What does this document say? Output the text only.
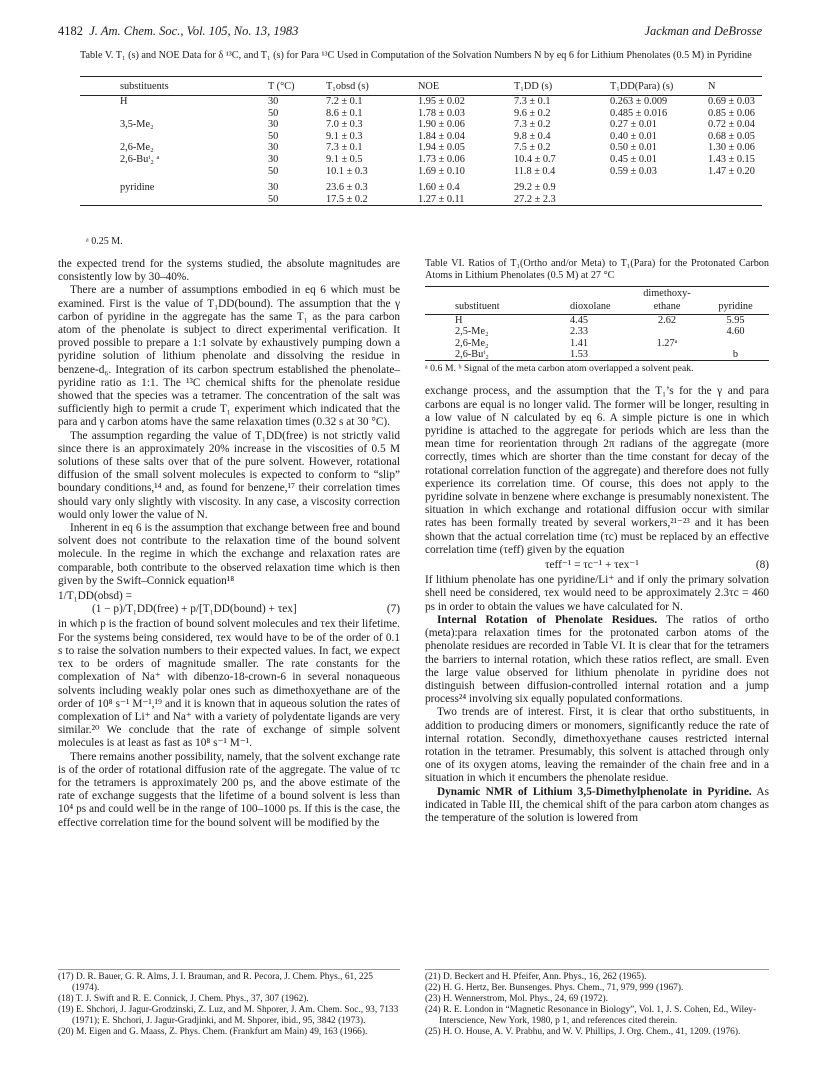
4182 J. Am. Chem. Soc., Vol. 105, No. 13, 1983	Jackman and DeBrosse
Table V. T₁ (s) and NOE Data for δ ¹³C, and T₁ (s) for Para ¹³C Used in Computation of the Solvation Numbers N by eq 6 for Lithium Phenolates (0.5 M) in Pyridine
substituents	T (°C)	T₁obsd (s)	NOE	T₁DD (s)	T₁DD(Para) (s)	N
H	30	7.2 ± 0.1	1.95 ± 0.02	7.3 ± 0.1	0.263 ± 0.009	0.69 ± 0.03
	50	8.6 ± 0.1	1.78 ± 0.03	9.6 ± 0.2	0.485 ± 0.016	0.85 ± 0.06
3,5-Me₂	30	7.0 ± 0.3	1.90 ± 0.06	7.3 ± 0.2	0.27 ± 0.01	0.72 ± 0.04
	50	9.1 ± 0.3	1.84 ± 0.04	9.8 ± 0.4	0.40 ± 0.01	0.68 ± 0.05
2,6-Me₂	30	7.3 ± 0.1	1.94 ± 0.05	7.5 ± 0.2	0.50 ± 0.01	1.30 ± 0.06
2,6-Buᵗ₂ ᵃ	30	9.1 ± 0.5	1.73 ± 0.06	10.4 ± 0.7	0.45 ± 0.01	1.43 ± 0.15
	50	10.1 ± 0.3	1.69 ± 0.10	11.8 ± 0.4	0.59 ± 0.03	1.47 ± 0.20

pyridine	30	23.6 ± 0.3	1.60 ± 0.4	29.2 ± 0.9		
	50	17.5 ± 0.2	1.27 ± 0.11	27.2 ± 2.3		
ᵃ 0.25 M.

the expected trend for the systems studied, the absolute magnitudes are consistently low by 30–40%.

There are a number of assumptions embodied in eq 6 which must be examined. First is the value of T₁DD(bound). The assumption that the γ carbon of pyridine in the aggregate has the same T₁ as the para carbon atom of the phenolate is subject to direct experimental verification. It proved possible to prepare a 1:1 solvate by exhaustively pumping down a pyridine solution of lithium phenolate and dissolving the residue in benzene-d₆. Integration of its carbon spectrum established the phenolate–pyridine ratio as 1:1. The ¹³C chemical shifts for the phenolate residue showed that the species was a tetramer. The concentration of the salt was sufficiently high to permit a crude T₁ experiment which indicated that the para and γ carbon atoms have the same relaxation times (0.32 s at 30 °C).

The assumption regarding the value of T₁DD(free) is not strictly valid since there is an approximately 20% increase in the viscosities of 0.5 M solutions of these salts over that of the pure solvent. However, rotational diffusion of the small solvent molecules is expected to conform to “slip” boundary conditions,¹⁴ and, as found for benzene,¹⁷ their correlation times should vary only slightly with viscosity. In any case, a viscosity correction would only lower the value of N.

Inherent in eq 6 is the assumption that exchange between free and bound solvent does not contribute to the relaxation time of the bound solvent molecule. In the regime in which the exchange and relaxation rates are comparable, both contribute to the observed relaxation time which is then given by the Swift–Connick equation¹⁸

1/T₁DD(obsd) =
(1 − p)/T₁DD(free) + p/[T₁DD(bound) + τex]	(7)

in which p is the fraction of bound solvent molecules and τex their lifetime. For the systems being considered, τex would have to be of the order of 0.1 s to raise the solvation numbers to their expected values. In fact, we expect τex to be orders of magnitude smaller. The rate constants for the complexation of Na⁺ with dibenzo-18-crown-6 in several nonaqueous solvents including weakly polar ones such as dimethoxyethane are of the order of 10⁸ s⁻¹ M⁻¹,¹⁹ and it is known that in aqueous solution the rates of complexation of Li⁺ and Na⁺ with a variety of polydentate ligands are very similar.²⁰ We conclude that the rate of exchange of simple solvent molecules is at least as fast as 10⁸ s⁻¹ M⁻¹.

There remains another possibility, namely, that the solvent exchange rate is of the order of rotational diffusion rate of the aggregate. The value of τc for the tetramers is approximately 200 ps, and the above estimate of the rate of exchange suggests that the lifetime of a bound solvent is less than 10⁴ ps and could well be in the range of 100–1000 ps. If this is the case, the effective correlation time for the bound solvent will be modified by the

Table VI. Ratios of T₁(Ortho and/or Meta) to T₁(Para) for the Protonated Carbon Atoms in Lithium Phenolates (0.5 M) at 27 °C
		dimethoxy-	
substituent	dioxolane	ethane	pyridine
H	4.45	2.62	5.95
2,5-Me₂	2.33		4.60
2,6-Me₂	1.41	1.27ᵃ	
2,6-Buᵗ₂	1.53		b
ᵃ 0.6 M. ᵇ Signal of the meta carbon atom overlapped a solvent peak.

exchange process, and the assumption that the T₁’s for the γ and para carbons are equal is no longer valid. The former will be longer, resulting in a low value of N calculated by eq 6. A simple picture is one in which pyridine is attached to the aggregate for periods which are less than the mean time for reorientation through 2π radians of the aggregate (more correctly, times which are shorter than the time constant for decay of the rotational correlation function of the aggregate) and therefore does not fully experience its correlation time. Of course, this does not apply to the pyridine solvate in benzene where exchange is presumably nonexistent. The situation in which exchange and rotational diffusion occur with similar rates has been formally treated by several workers,²¹⁻²³ and it has been shown that the actual correlation time (τc) must be replaced by an effective correlation time (τeff) given by the equation

τeff⁻¹ = τc⁻¹ + τex⁻¹	(8)

If lithium phenolate has one pyridine/Li⁺ and if only the primary solvation shell need be considered, τex would need to be approximately 2.3τc = 460 ps in order to obtain the values we have calculated for N.

Internal Rotation of Phenolate Residues. The ratios of ortho (meta):para relaxation times for the protonated carbon atoms of the phenolate residues are recorded in Table VI. It is clear that for the tetramers the barriers to internal rotation, which these ratios reflect, are small. Even the large value observed for lithium phenolate in pyridine does not distinguish between diffusion-controlled internal rotation and a jump process²⁴ involving six equally populated conformations.

Two trends are of interest. First, it is clear that ortho substituents, in addition to producing dimers or monomers, significantly reduce the rate of internal rotation. Secondly, dimethoxyethane causes restricted internal rotation in the tetramer. Presumably, this solvent is attached through only one of its oxygen atoms, leaving the remainder of the chain free and in a situation in which it encumbers the phenolate residue.

Dynamic NMR of Lithium 3,5-Dimethylphenolate in Pyridine. As indicated in Table III, the chemical shift of the para carbon atom changes as the temperature of the solution is lowered from

(17) D. R. Bauer, G. R. Alms, J. I. Brauman, and R. Pecora, J. Chem. Phys., 61, 225 (1974).
(18) T. J. Swift and R. E. Connick, J. Chem. Phys., 37, 307 (1962).
(19) E. Shchori, J. Jagur-Grodzinski, Z. Luz, and M. Shporer, J. Am. Chem. Soc., 93, 7133 (1971); E. Shchori, J. Jagur-Gradjinki, and M. Shporer, ibid., 95, 3842 (1973).
(20) M. Eigen and G. Maass, Z. Phys. Chem. (Frankfurt am Main) 49, 163 (1966).
(21) D. Beckert and H. Pfeifer, Ann. Phys., 16, 262 (1965).
(22) H. G. Hertz, Ber. Bunsenges. Phys. Chem., 71, 979, 999 (1967).
(23) H. Wennerstrom, Mol. Phys., 24, 69 (1972).
(24) R. E. London in “Magnetic Resonance in Biology”, Vol. 1, J. S. Cohen, Ed., Wiley-Interscience, New York, 1980, p 1, and references cited therein.
(25) H. O. House, A. V. Prabhu, and W. V. Phillips, J. Org. Chem., 41, 1209. (1976).
